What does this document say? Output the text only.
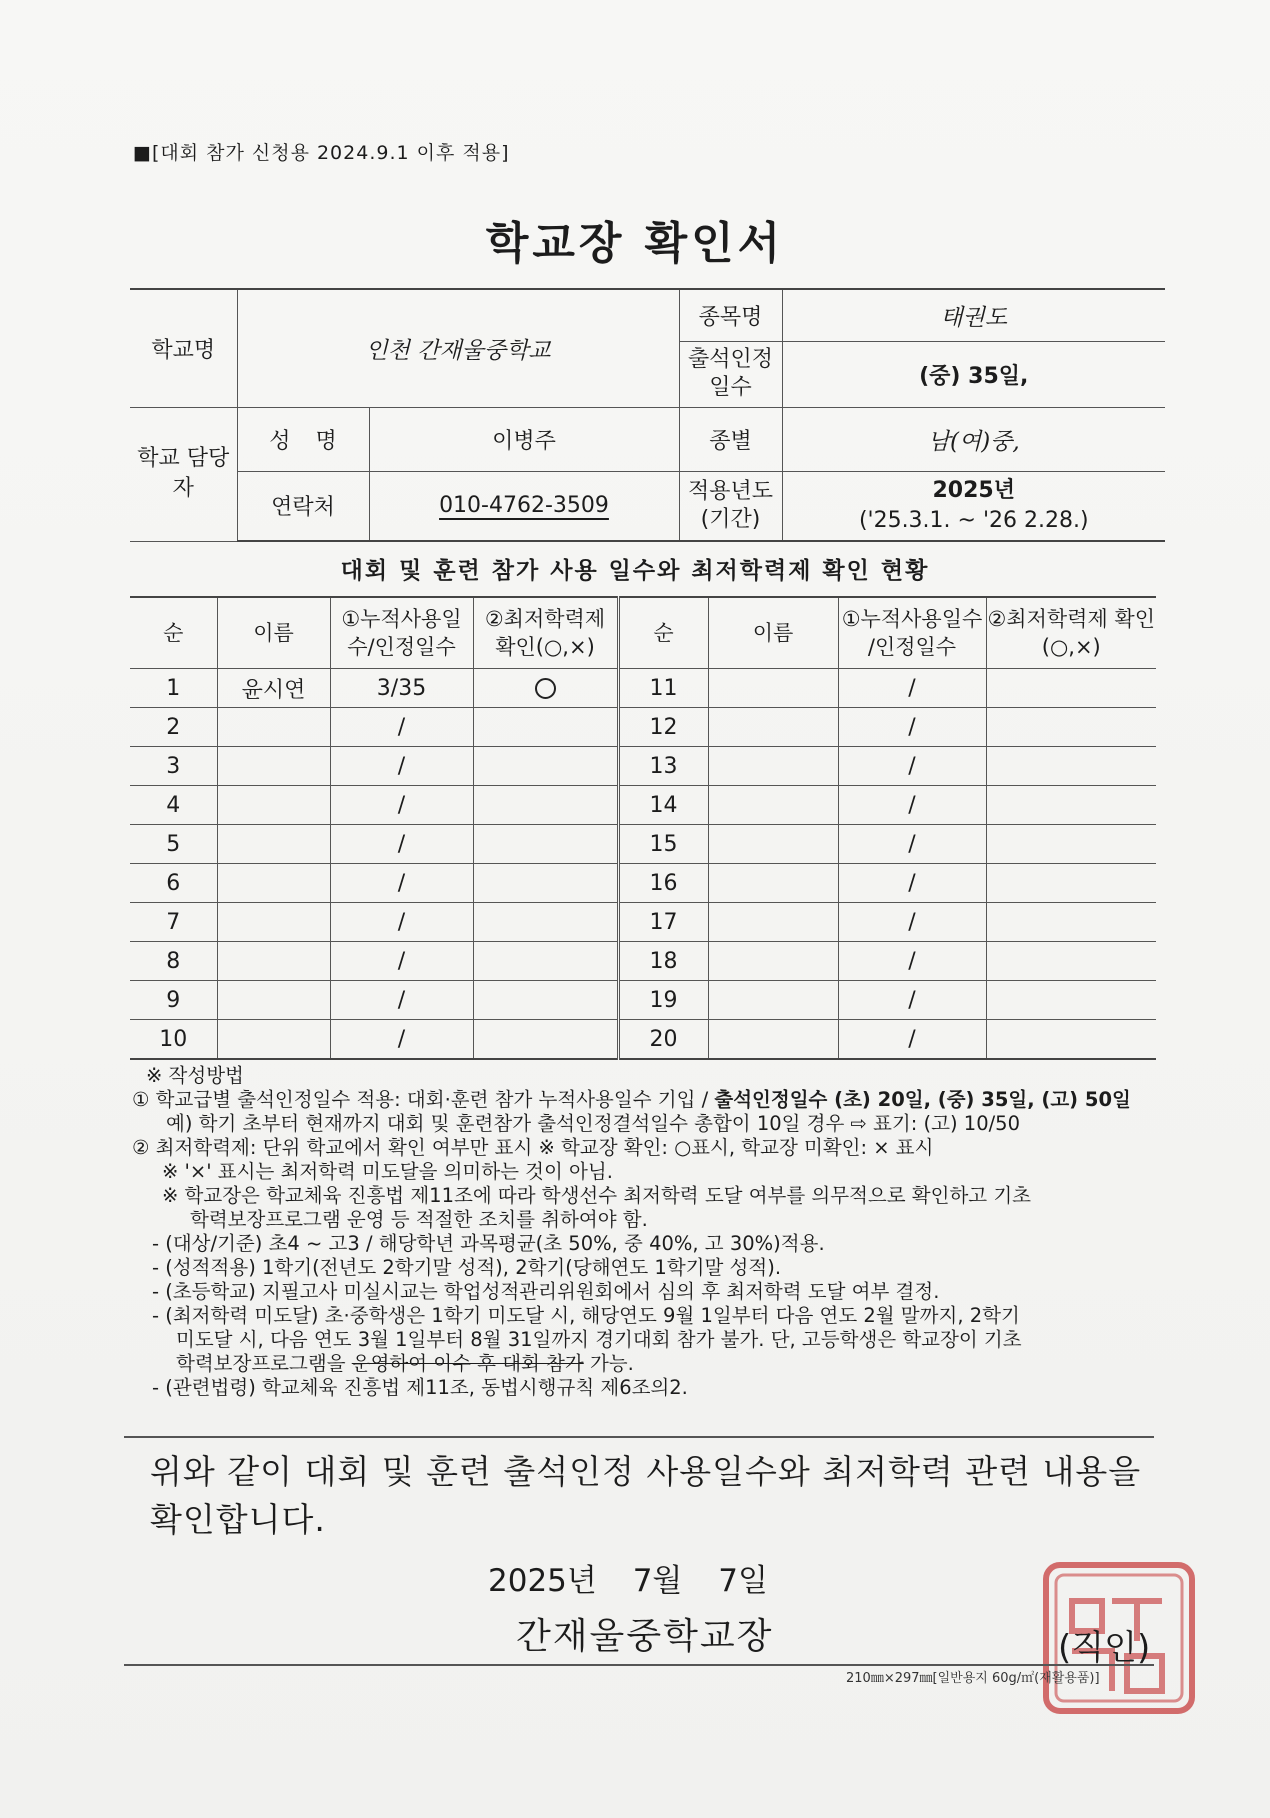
■[대회 참가 신청용 2024.9.1 이후 적용]
학교장 확인서
학교명	인천 간재울중학교		종목명	태권도
			출석인정 일수	(중) 35일,
학교 담당자	성 명	이병주	종별	남(여)중,
	연락처	010-4762-3509	적용년도 (기간)	2025년
('25.3.1. ~ '26 2.28.)
대회 및 훈련 참가 사용 일수와 최저학력제 확인 현황
순	이름	①누적사용일 수/인정일수	②최저학력제 확인(○,×)	순	이름	①누적사용일수 /인정일수	②최저학력제 확인(○,×)
1	윤시연	3/35		11		/	
2		/		12		/	
3		/		13		/	
4		/		14		/	
5		/		15		/	
6		/		16		/	
7		/		17		/	
8		/		18		/	
9		/		19		/	
10		/		20		/	
※ 작성방법
① 학교급별 출석인정일수 적용: 대회·훈련 참가 누적사용일수 기입 / 출석인정일수 (초) 20일, (중) 35일, (고) 50일
예) 학기 초부터 현재까지 대회 및 훈련참가 출석인정결석일수 총합이 10일 경우 ⇨ 표기: (고) 10/50
② 최저학력제: 단위 학교에서 확인 여부만 표시 ※ 학교장 확인: ○표시, 학교장 미확인: × 표시
※ '×' 표시는 최저학력 미도달을 의미하는 것이 아님.
※ 학교장은 학교체육 진흥법 제11조에 따라 학생선수 최저학력 도달 여부를 의무적으로 확인하고 기초
학력보장프로그램 운영 등 적절한 조치를 취하여야 함.
- (대상/기준) 초4 ~ 고3 / 해당학년 과목평균(초 50%, 중 40%, 고 30%)적용.
- (성적적용) 1학기(전년도 2학기말 성적), 2학기(당해연도 1학기말 성적).
- (초등학교) 지필고사 미실시교는 학업성적관리위원회에서 심의 후 최저학력 도달 여부 결정.
- (최저학력 미도달) 초·중학생은 1학기 미도달 시, 해당연도 9월 1일부터 다음 연도 2월 말까지, 2학기
미도달 시, 다음 연도 3월 1일부터 8월 31일까지 경기대회 참가 불가. 단, 고등학생은 학교장이 기초
학력보장프로그램을 운영하여 이수 후 대회 참가 가능.
- (관련법령) 학교체육 진흥법 제11조, 동법시행규칙 제6조의2.
위와 같이 대회 및 훈련 출석인정 사용일수와 최저학력 관련 내용을 확인합니다.
2025년 7월 7일
간재울중학교장	(직인)
210㎜×297㎜[일반용지 60g/㎡(재활용품)]
